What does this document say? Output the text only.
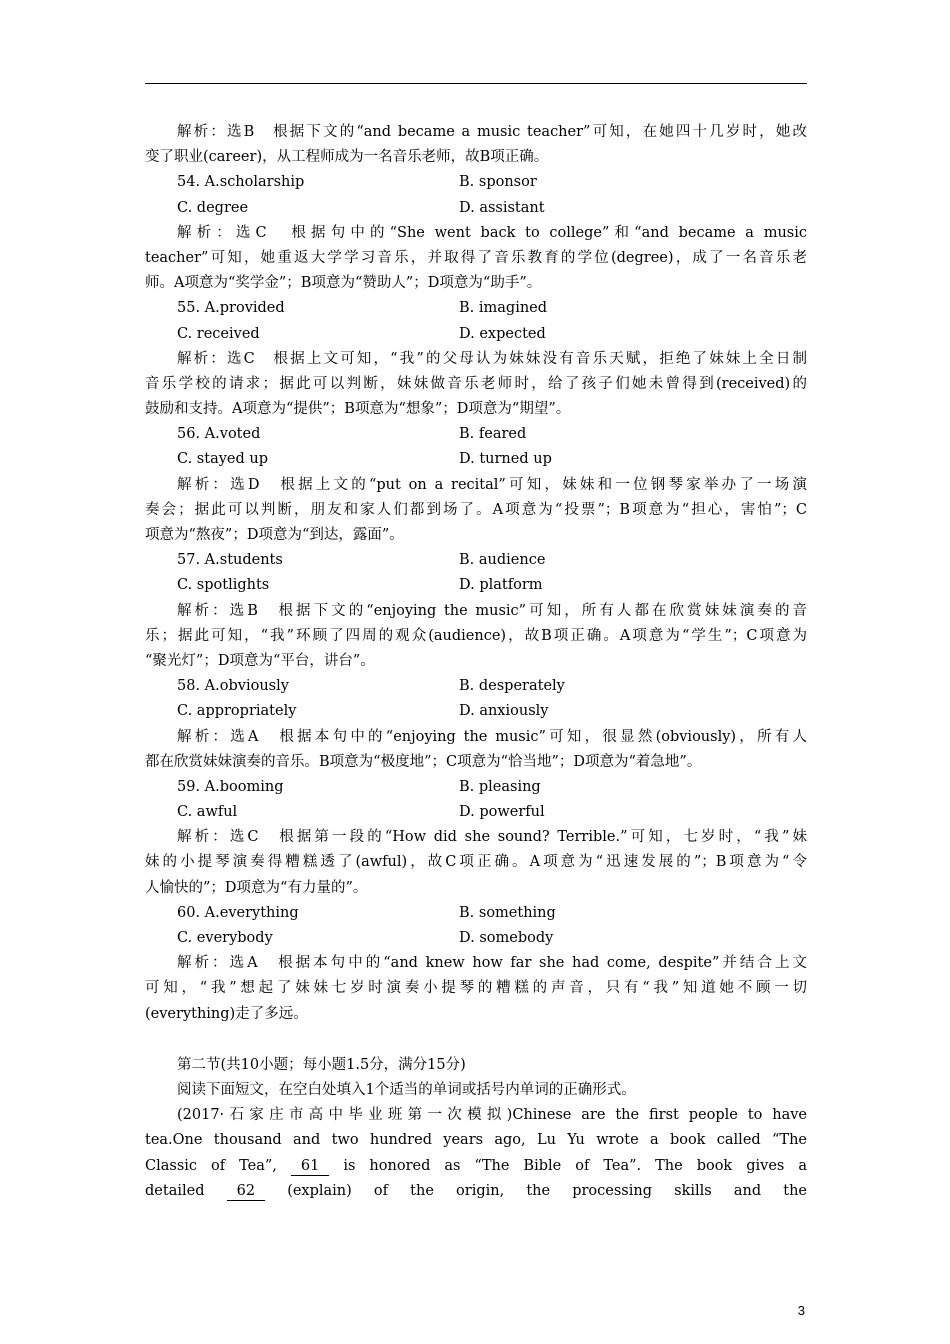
解析：选B　根据下文的“and became a music teacher”可知，在她四十几岁时，她改
变了职业(career)，从工程师成为一名音乐老师，故B项正确。
54. A.scholarship	B. sponsor
C. degree	D. assistant
解析：选C　根据句中的“She went back to college”和“and became a music
teacher”可知，她重返大学学习音乐，并取得了音乐教育的学位(degree)，成了一名音乐老
师。A项意为“奖学金”；B项意为“赞助人”；D项意为“助手”。
55. A.provided	B. imagined
C. received	D. expected
解析：选C　根据上文可知，“我”的父母认为妹妹没有音乐天赋，拒绝了妹妹上全日制
音乐学校的请求；据此可以判断，妹妹做音乐老师时，给了孩子们她未曾得到(received)的
鼓励和支持。A项意为“提供”；B项意为“想象”；D项意为“期望”。
56. A.voted	B. feared
C. stayed up	D. turned up
解析：选D　根据上文的“put on a recital”可知，妹妹和一位钢琴家举办了一场演
奏会；据此可以判断，朋友和家人们都到场了。A项意为“投票”；B项意为“担心，害怕”；C
项意为“熬夜”；D项意为“到达，露面”。
57. A.students	B. audience
C. spotlights	D. platform
解析：选B　根据下文的“enjoying the music”可知，所有人都在欣赏妹妹演奏的音
乐；据此可知，“我”环顾了四周的观众(audience)，故B项正确。A项意为“学生”；C项意为
“聚光灯”；D项意为“平台，讲台”。
58. A.obviously	B. desperately
C. appropriately	D. anxiously
解析：选A　根据本句中的“enjoying the music”可知，很显然(obviously)，所有人
都在欣赏妹妹演奏的音乐。B项意为“极度地”；C项意为“恰当地”；D项意为“着急地”。
59. A.booming	B. pleasing
C. awful	D. powerful
解析：选C　根据第一段的“How did she sound? Terrible.”可知，七岁时，“我”妹
妹的小提琴演奏得糟糕透了(awful)，故C项正确。A项意为“迅速发展的”；B项意为“令
人愉快的”；D项意为“有力量的”。
60. A.everything	B. something
C. everybody	D. somebody
解析：选A　根据本句中的“and knew how far she had come, despite”并结合上文
可知，“我”想起了妹妹七岁时演奏小提琴的糟糕的声音，只有“我”知道她不顾一切
(everything)走了多远。
第二节(共10小题；每小题1.5分，满分15分)
阅读下面短文，在空白处填入1个适当的单词或括号内单词的正确形式。
(2017·石家庄市高中毕业班第一次模拟)Chinese are the first people to have
tea.One thousand and two hundred years ago, Lu Yu wrote a book called “The
Classic of Tea”, 61 is honored as “The Bible of Tea”. The book gives a
detailed 62 (explain) of the origin, the processing skills and the
3
